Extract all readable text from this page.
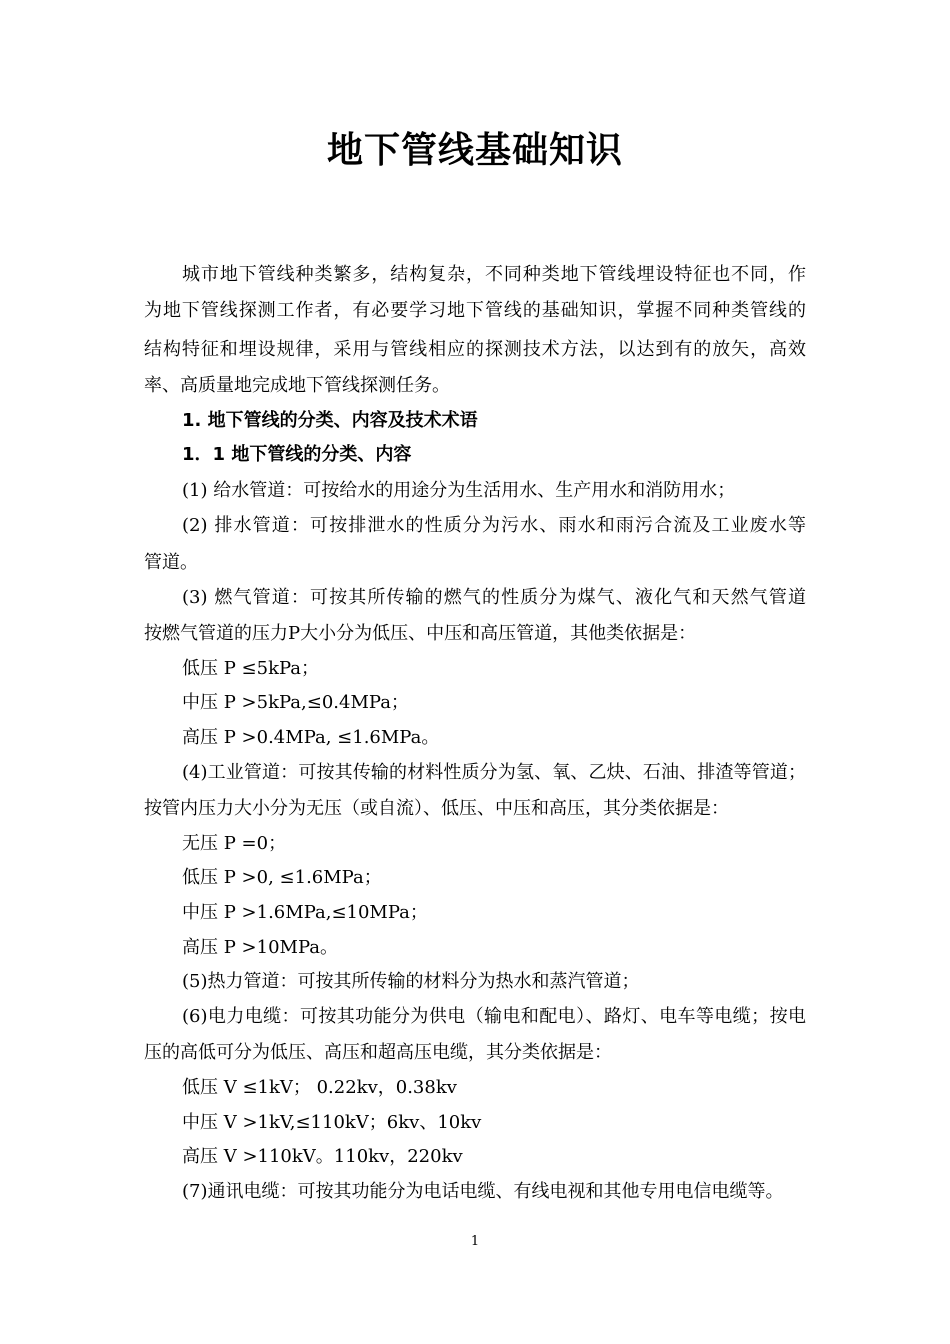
地下管线基础知识
城市地下管线种类繁多，结构复杂，不同种类地下管线埋设特征也不同，作
为地下管线探测工作者，有必要学习地下管线的基础知识，掌握不同种类管线的
结构特征和埋设规律，采用与管线相应的探测技术方法，以达到有的放矢，高效
率、高质量地完成地下管线探测任务。
1. 地下管线的分类、内容及技术术语
1．1 地下管线的分类、内容
(1) 给水管道：可按给水的用途分为生活用水、生产用水和消防用水；
(2) 排水管道：可按排泄水的性质分为污水、雨水和雨污合流及工业废水等
管道。
(3) 燃气管道：可按其所传输的燃气的性质分为煤气、液化气和天然气管道
按燃气管道的压力P大小分为低压、中压和高压管道，其他类依据是：
低压 P ≤5kPa；
中压 P >5kPa,≤0.4MPa；
高压 P >0.4MPa, ≤1.6MPa。
(4)工业管道：可按其传输的材料性质分为氢、氧、乙炔、石油、排渣等管道；
按管内压力大小分为无压（或自流）、低压、中压和高压，其分类依据是：
无压 P =0；
低压 P >0, ≤1.6MPa；
中压 P >1.6MPa,≤10MPa；
高压 P >10MPa。
(5)热力管道：可按其所传输的材料分为热水和蒸汽管道；
(6)电力电缆：可按其功能分为供电（输电和配电）、路灯、电车等电缆；按电
压的高低可分为低压、高压和超高压电缆，其分类依据是：
低压 V ≤1kV； 0.22kv，0.38kv
中压 V >1kV,≤110kV；6kv、10kv
高压 V >110kV。110kv，220kv
(7)通讯电缆：可按其功能分为电话电缆、有线电视和其他专用电信电缆等。
1
